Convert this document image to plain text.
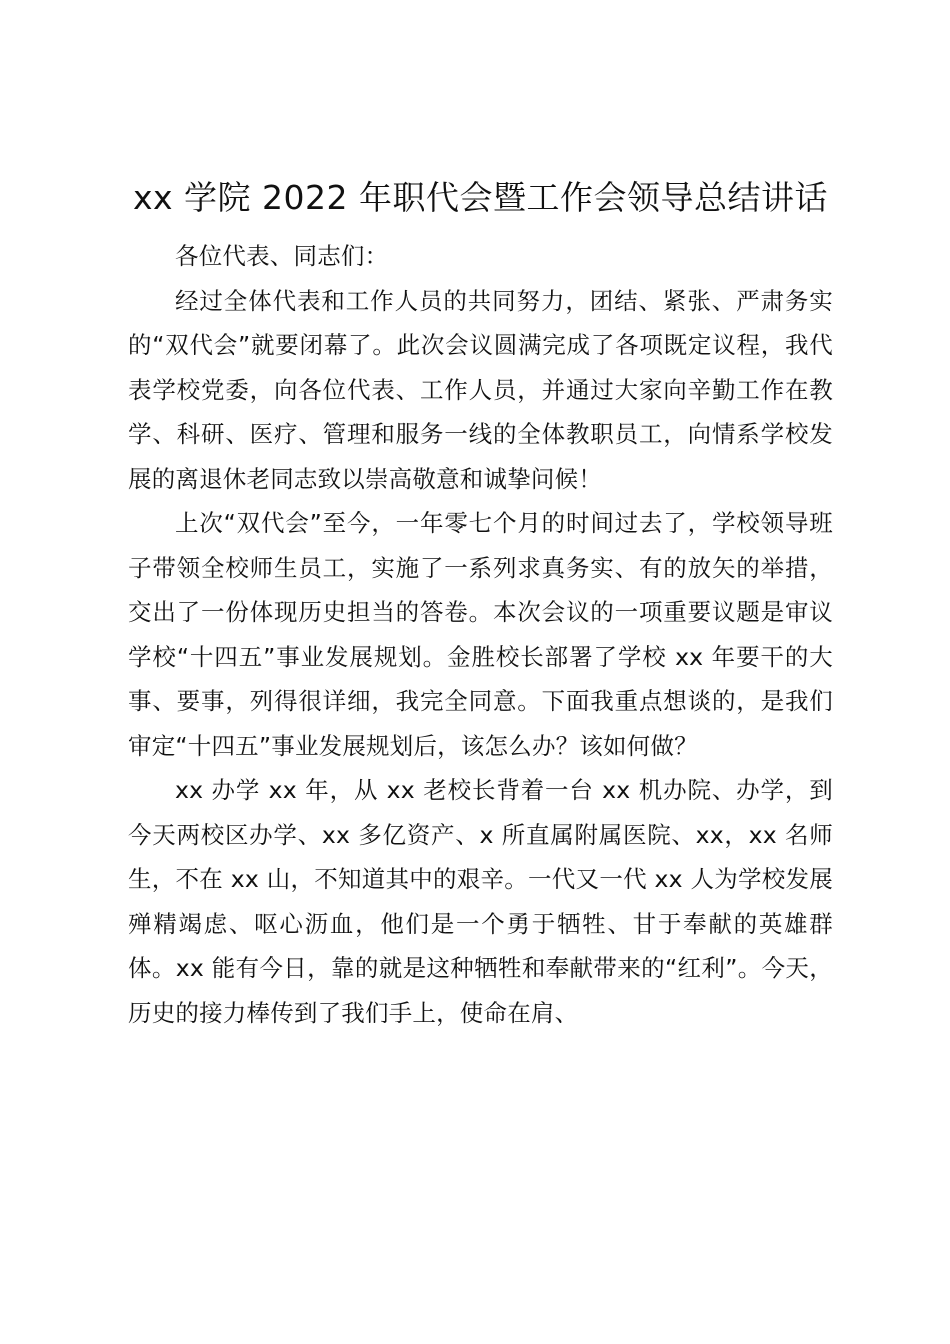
xx 学院 2022 年职代会暨工作会领导总结讲话

各位代表、同志们：

经过全体代表和工作人员的共同努力，团结、紧张、严肃务实的“双代会”就要闭幕了。此次会议圆满完成了各项既定议程，我代表学校党委，向各位代表、工作人员，并通过大家向辛勤工作在教学、科研、医疗、管理和服务一线的全体教职员工，向情系学校发展的离退休老同志致以崇高敬意和诚挚问候！

上次“双代会”至今，一年零七个月的时间过去了，学校领导班子带领全校师生员工，实施了一系列求真务实、有的放矢的举措，交出了一份体现历史担当的答卷。本次会议的一项重要议题是审议学校“十四五”事业发展规划。金胜校长部署了学校 xx 年要干的大事、要事，列得很详细，我完全同意。下面我重点想谈的，是我们审定“十四五”事业发展规划后，该怎么办？该如何做？

xx 办学 xx 年，从 xx 老校长背着一台 xx 机办院、办学，到今天两校区办学、xx 多亿资产、x 所直属附属医院、xx，xx 名师生，不在 xx 山，不知道其中的艰辛。一代又一代 xx 人为学校发展殚精竭虑、呕心沥血，他们是一个勇于牺牲、甘于奉献的英雄群体。xx 能有今日，靠的就是这种牺牲和奉献带来的“红利”。今天，历史的接力棒传到了我们手上，使命在肩、
